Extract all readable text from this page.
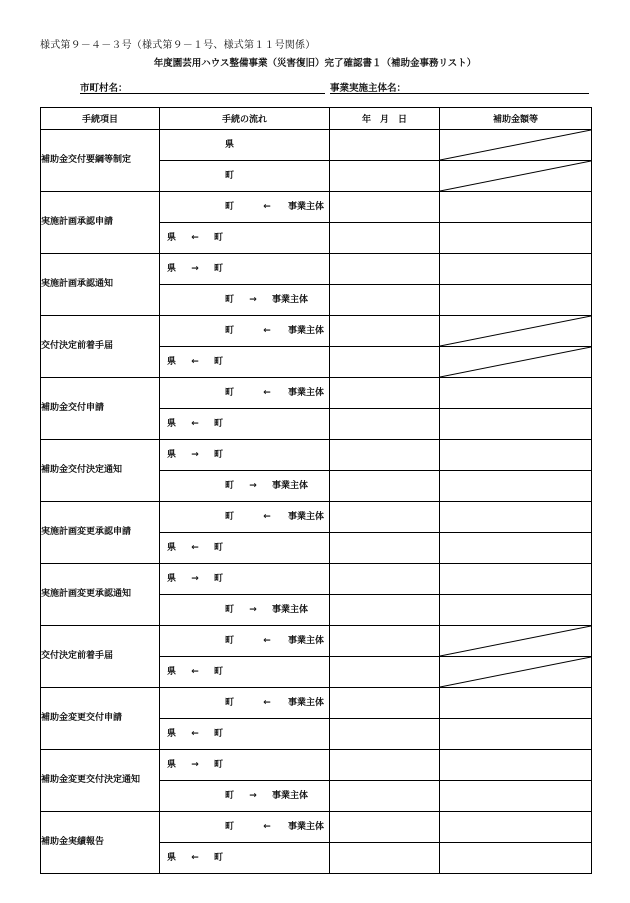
様式第９－４－３号（様式第９－１号、様式第１１号関係）
年度園芸用ハウス整備事業（災害復旧）完了確認書１（補助金事務リスト）
市町村名：	事業実施主体名：
手続項目	手続の流れ	年　月　日	補助金額等
補助金交付要綱等制定	県

	町

実施計画承認申請	町 ← 事業主体		

	県 ← 町		

実施計画承認通知	県 → 町		

	町 → 事業主体		

交付決定前着手届	町 ← 事業主体

	県 ← 町

補助金交付申請	町 ← 事業主体		

	県 ← 町		

補助金交付決定通知	県 → 町		

	町 → 事業主体		

実施計画変更承認申請	町 ← 事業主体		

	県 ← 町		

実施計画変更承認通知	県 → 町		

	町 → 事業主体		

交付決定前着手届	町 ← 事業主体

	県 ← 町

補助金変更交付申請	町 ← 事業主体		

	県 ← 町		

補助金変更交付決定通知	県 → 町		

	町 → 事業主体		

補助金実績報告	町 ← 事業主体		

	県 ← 町		
